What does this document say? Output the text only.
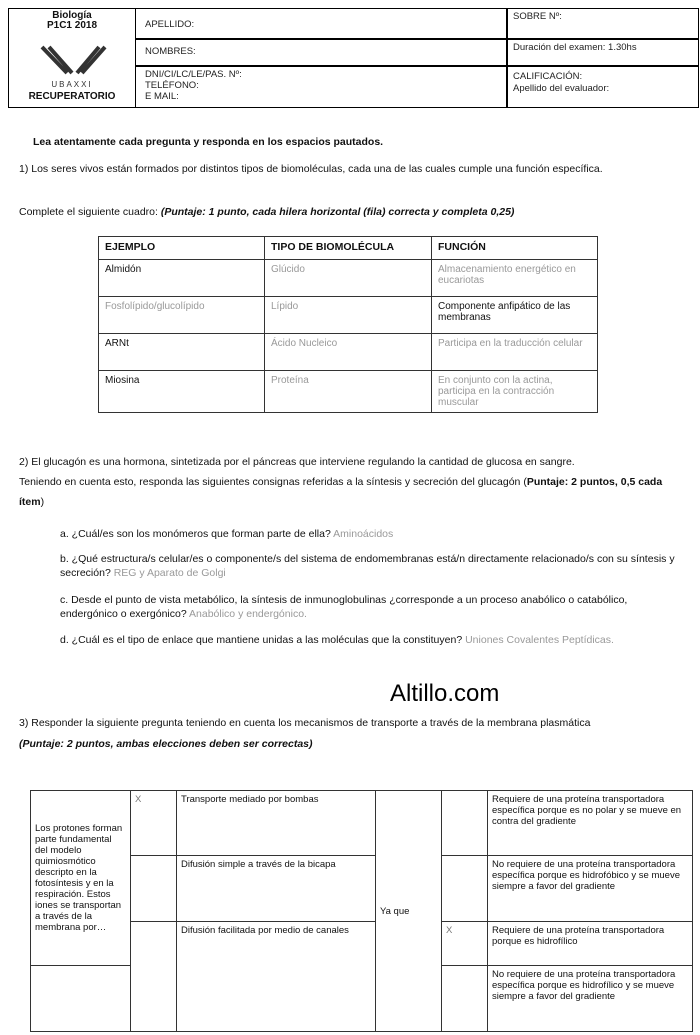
Biología
P1C1 2018
UBAXXI
RECUPERATORIO
APELLIDO:
SOBRE Nº:
NOMBRES:	Duración del examen: 1.30hs
DNI/CI/LC/LE/PAS. Nº:
TELÉFONO:
E MAIL:
CALIFICACIÓN:
Apellido del evaluador:
Lea atentamente cada pregunta y responda en los espacios pautados.
1) Los seres vivos están formados por distintos tipos de biomoléculas, cada una de las cuales cumple una función específica.
Complete el siguiente cuadro: (Puntaje: 1 punto, cada hilera horizontal (fila) correcta y completa 0,25)
EJEMPLO	TIPO DE BIOMOLÉCULA	FUNCIÓN
Almidón	Glúcido	Almacenamiento energético en eucariotas
Fosfolípido/glucolípido	Lípido	Componente anfipático de las membranas
ARNt	Ácido Nucleico	Participa en la traducción celular
Miosina	Proteína	En conjunto con la actina, participa en la contracción muscular
2) El glucagón es una hormona, sintetizada por el páncreas que interviene regulando la cantidad de glucosa en sangre.
Teniendo en cuenta esto, responda las siguientes consignas referidas a la síntesis y secreción del glucagón (Puntaje: 2 puntos, 0,5 cada ítem)
a. ¿Cuál/es son los monómeros que forman parte de ella? Aminoácidos
b. ¿Qué estructura/s celular/es o componente/s del sistema de endomembranas está/n directamente relacionado/s con su síntesis y secreción? REG y Aparato de Golgi
c. Desde el punto de vista metabólico, la síntesis de inmunoglobulinas ¿corresponde a un proceso anabólico o catabólico, endergónico o exergónico? Anabólico y endergónico.
d. ¿Cuál es el tipo de enlace que mantiene unidas a las moléculas que la constituyen? Uniones Covalentes Peptídicas.
Altillo.com
3) Responder la siguiente pregunta teniendo en cuenta los mecanismos de transporte a través de la membrana plasmática
(Puntaje: 2 puntos, ambas elecciones deben ser correctas)
Los protones forman parte fundamental del modelo quimiosmótico descripto en la fotosíntesis y en la respiración. Estos iones se transportan a través de la membrana por…	X	Transporte mediado por bombas	Ya que		Requiere de una proteína transportadora específica porque es no polar y se mueve en contra del gradiente
		Difusión simple a través de la bicapa			No requiere de una proteína transportadora específica porque es hidrofóbico y se mueve siempre a favor del gradiente
		Difusión facilitada por medio de canales		X	Requiere de una proteína transportadora porque es hidrofílico
					No requiere de una proteína transportadora específica porque es hidrofílico y se mueve siempre a favor del gradiente
